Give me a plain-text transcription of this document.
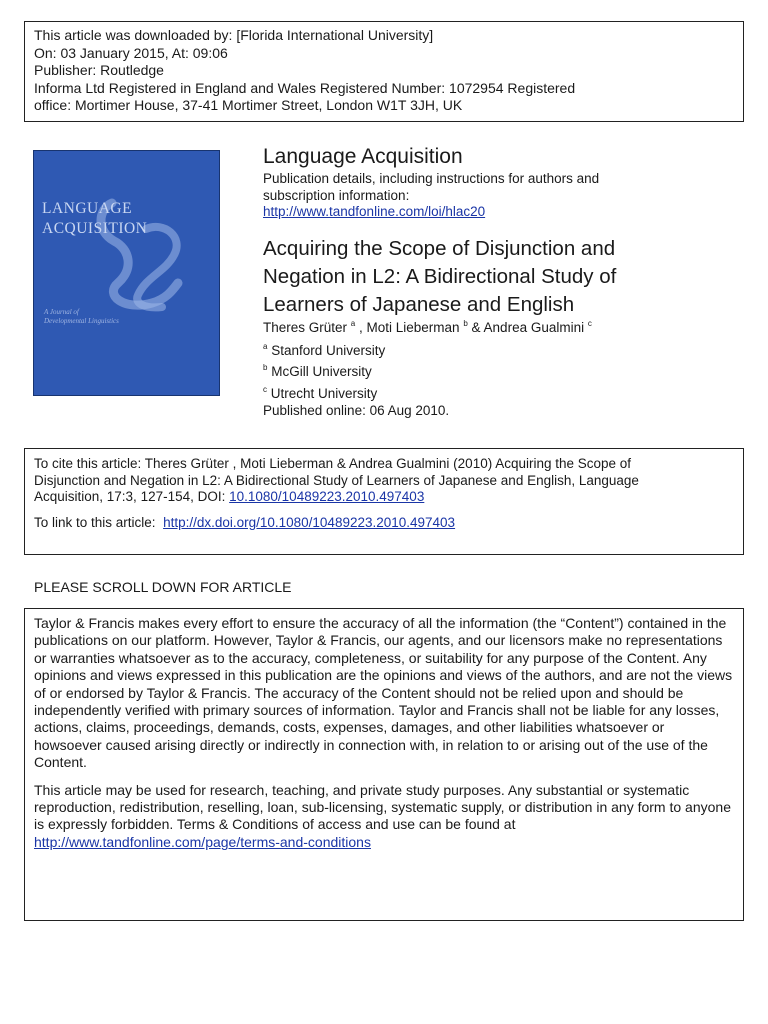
This article was downloaded by: [Florida International University]
On: 03 January 2015, At: 09:06
Publisher: Routledge
Informa Ltd Registered in England and Wales Registered Number: 1072954 Registered
office: Mortimer House, 37-41 Mortimer Street, London W1T 3JH, UK
LANGUAGE
ACQUISITION
A Journal of
Developmental Linguistics
Language Acquisition
Publication details, including instructions for authors and
subscription information:
http://www.tandfonline.com/loi/hlac20
Acquiring the Scope of Disjunction and
Negation in L2: A Bidirectional Study of
Learners of Japanese and English
Theres Grüter $^a$ , Moti Lieberman $^b$ & Andrea Gualmini $^c$
$^a$ Stanford University
$^b$ McGill University
$^c$ Utrecht University
Published online: 06 Aug 2010.
To cite this article: Theres Grüter , Moti Lieberman & Andrea Gualmini (2010) Acquiring the Scope of
Disjunction and Negation in L2: A Bidirectional Study of Learners of Japanese and English, Language
Acquisition, 17:3, 127-154, DOI: 10.1080/10489223.2010.497403
To link to this article:  http://dx.doi.org/10.1080/10489223.2010.497403
PLEASE SCROLL DOWN FOR ARTICLE

Taylor & Francis makes every effort to ensure the accuracy of all the information (the “Content”) contained in the publications on our platform. However, Taylor & Francis, our agents, and our licensors make no representations or warranties whatsoever as to the accuracy, completeness, or suitability for any purpose of the Content. Any opinions and views expressed in this publication are the opinions and views of the authors, and are not the views of or endorsed by Taylor & Francis. The accuracy of the Content should not be relied upon and should be independently verified with primary sources of information. Taylor and Francis shall not be liable for any losses, actions, claims, proceedings, demands, costs, expenses, damages, and other liabilities whatsoever or howsoever caused arising directly or indirectly in connection with, in relation to or arising out of the use of the Content.

This article may be used for research, teaching, and private study purposes. Any substantial or systematic reproduction, redistribution, reselling, loan, sub-licensing, systematic supply, or distribution in any form to anyone is expressly forbidden. Terms & Conditions of access and use can be found at http://www.tandfonline.com/page/terms-and-conditions
